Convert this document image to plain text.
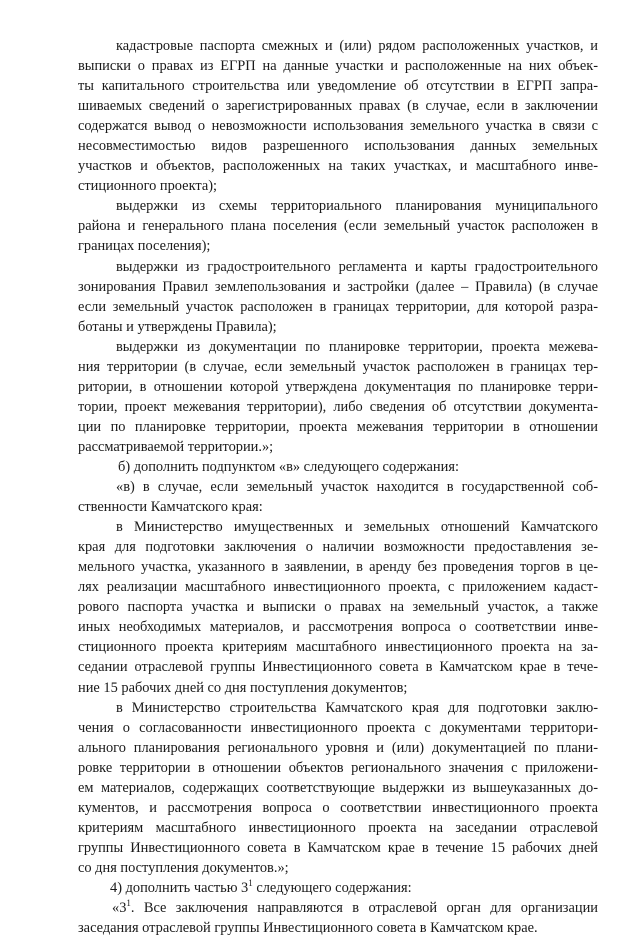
кадастровые паспорта смежных и (или) рядом расположенных участков, и
выписки о правах из ЕГРП на данные участки и расположенные на них объек-
ты капитального строительства или уведомление об отсутствии в ЕГРП запра-
шиваемых сведений о зарегистрированных правах (в случае, если в заключении
содержатся вывод о невозможности использования земельного участка в связи с
несовместимостью видов разрешенного использования данных земельных
участков и объектов, расположенных на таких участках, и масштабного инве-
стиционного проекта);
выдержки из схемы территориального планирования муниципального
района и генерального плана поселения (если земельный участок расположен в
границах поселения);
выдержки из градостроительного регламента и карты градостроительного
зонирования Правил землепользования и застройки (далее – Правила) (в случае
если земельный участок расположен в границах территории, для которой разра-
ботаны и утверждены Правила);
выдержки из документации по планировке территории, проекта межева-
ния территории (в случае, если земельный участок расположен в границах тер-
ритории, в отношении которой утверждена документация по планировке терри-
тории, проект межевания территории), либо сведения об отсутствии документа-
ции по планировке территории, проекта межевания территории в отношении
рассматриваемой территории.»;
б) дополнить подпунктом «в» следующего содержания:
«в) в случае, если земельный участок находится в государственной соб-
ственности Камчатского края:
в Министерство имущественных и земельных отношений Камчатского
края для подготовки заключения о наличии возможности предоставления зе-
мельного участка, указанного в заявлении, в аренду без проведения торгов в це-
лях реализации масштабного инвестиционного проекта, с приложением кадаст-
рового паспорта участка и выписки о правах на земельный участок, а также
иных необходимых материалов, и рассмотрения вопроса о соответствии инве-
стиционного проекта критериям масштабного инвестиционного проекта на за-
седании отраслевой группы Инвестиционного совета в Камчатском крае в тече-
ние 15 рабочих дней со дня поступления документов;
в Министерство строительства Камчатского края для подготовки заклю-
чения о согласованности инвестиционного проекта с документами территори-
ального планирования регионального уровня и (или) документацией по плани-
ровке территории в отношении объектов регионального значения с приложени-
ем материалов, содержащих соответствующие выдержки из вышеуказанных до-
кументов, и рассмотрения вопроса о соответствии инвестиционного проекта
критериям масштабного инвестиционного проекта на заседании отраслевой
группы Инвестиционного совета в Камчатском крае в течение 15 рабочих дней
со дня поступления документов.»;
4) дополнить частью $3^1$ следующего содержания:
«$3^1$. Все заключения направляются в отраслевой орган для организации
заседания отраслевой группы Инвестиционного совета в Камчатском крае.
